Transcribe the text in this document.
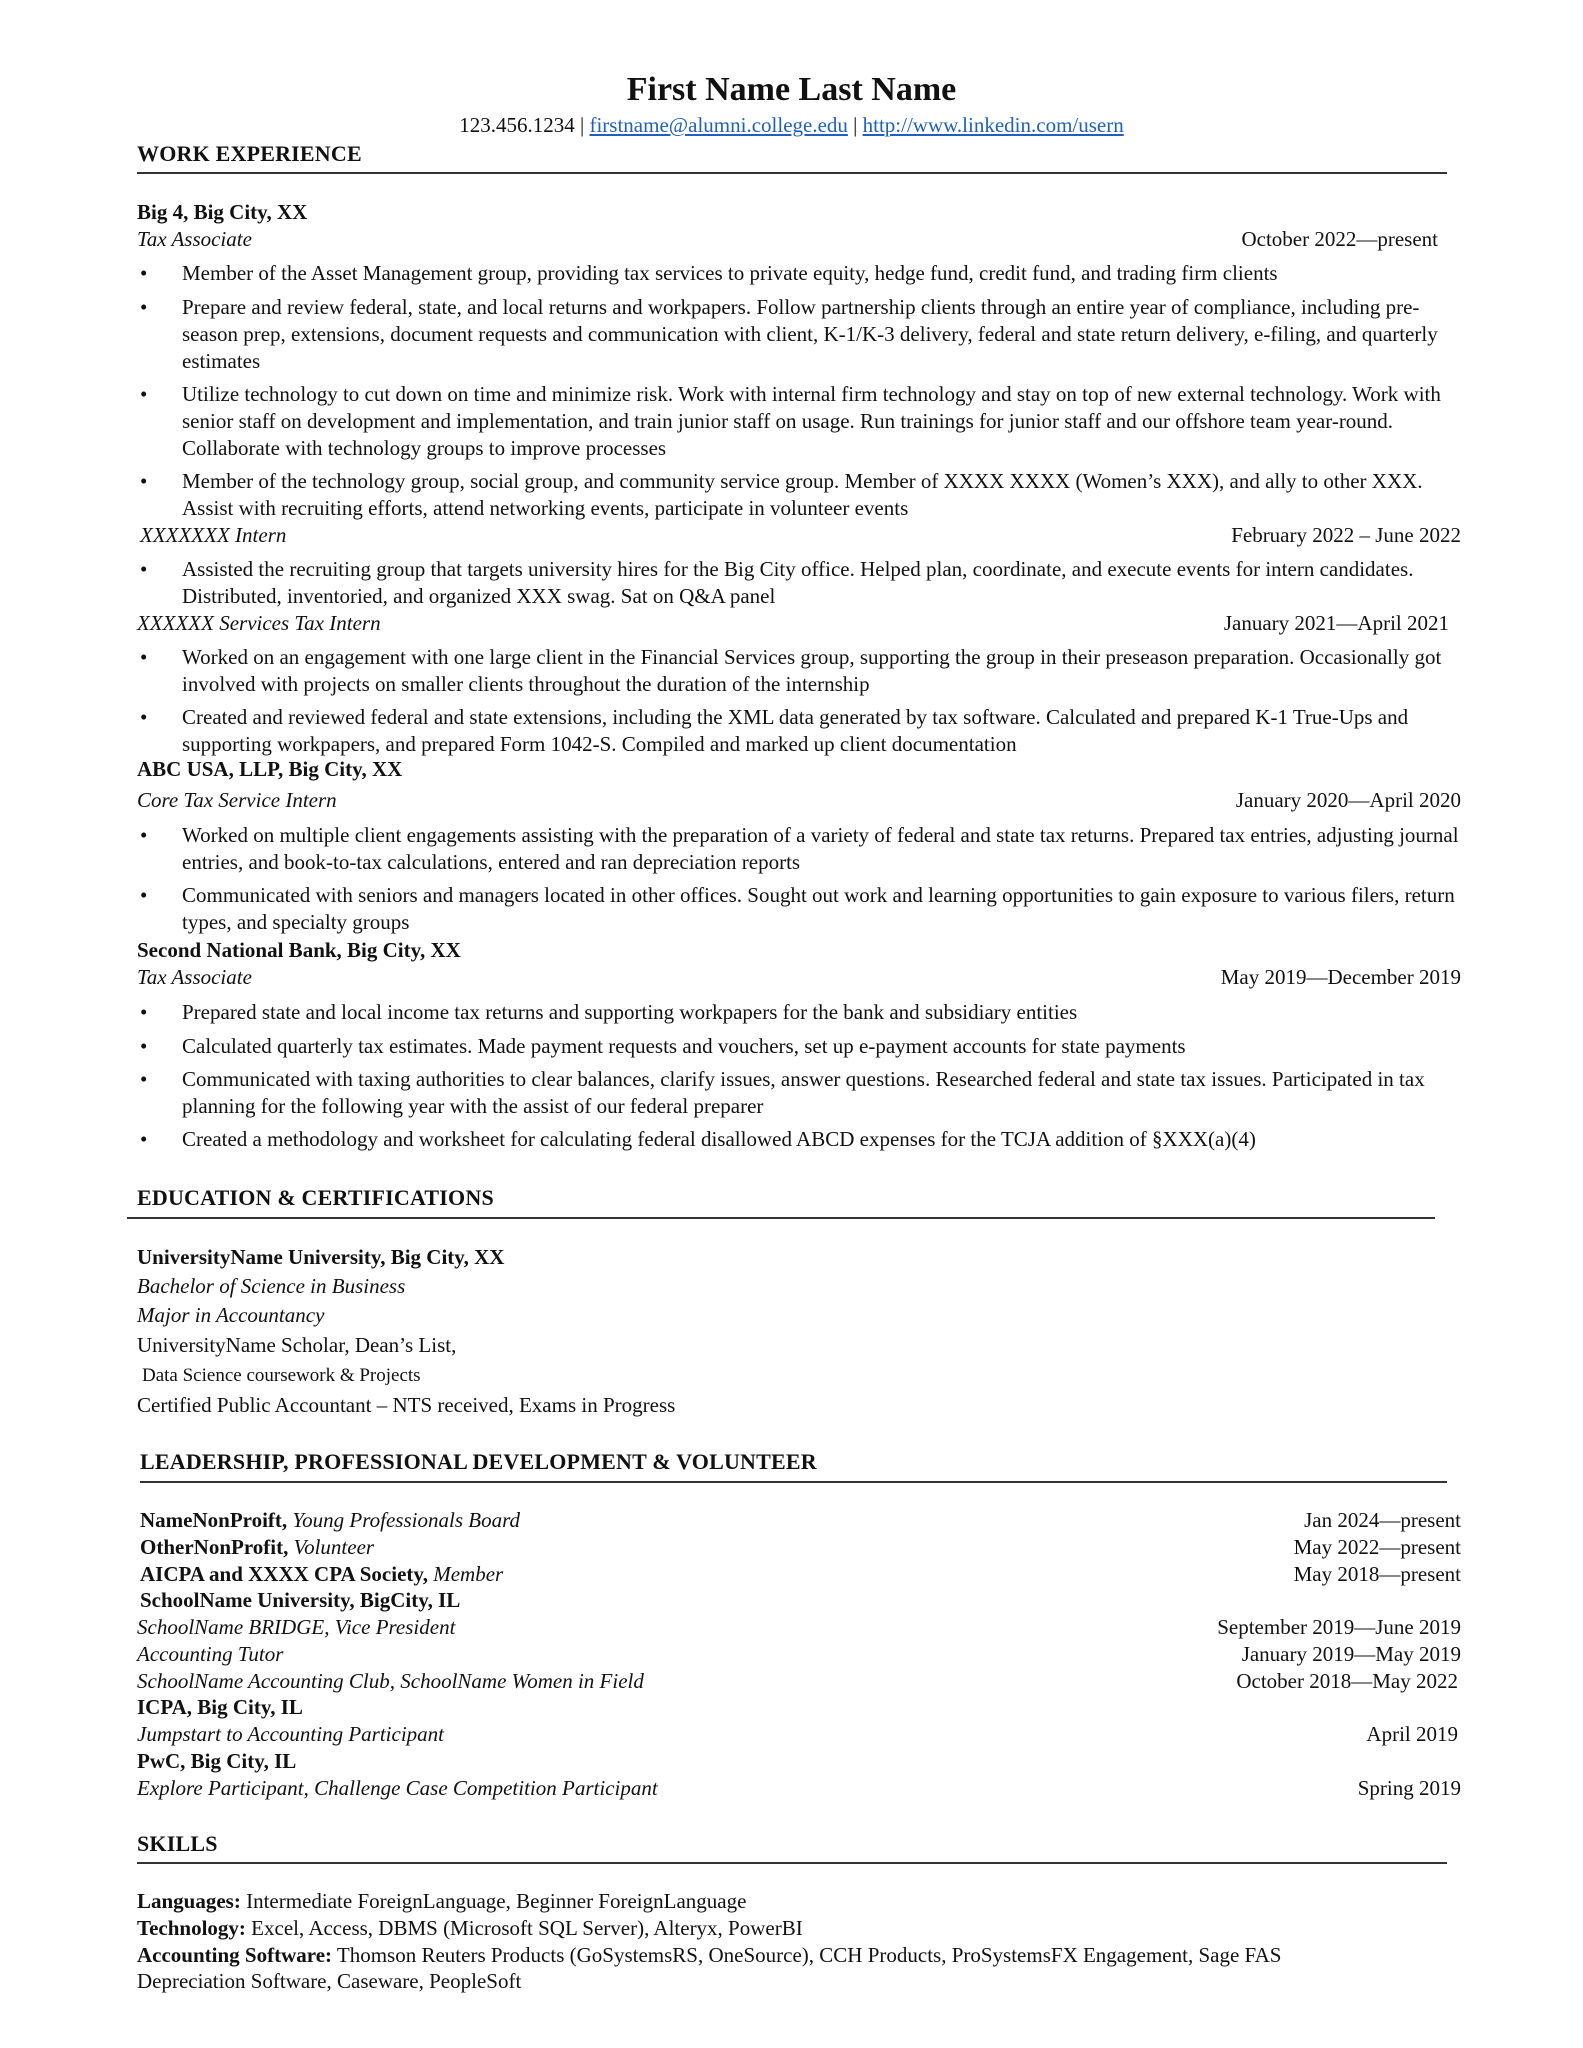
First Name Last Name
123.456.1234 | firstname@alumni.college.edu | http://www.linkedin.com/usern
WORK EXPERIENCE
Big 4, Big City, XX
Tax Associate	October 2022—present
• Member of the Asset Management group, providing tax services to private equity, hedge fund, credit fund, and trading firm clients
• Prepare and review federal, state, and local returns and workpapers. Follow partnership clients through an entire year of compliance, including pre-season prep, extensions, document requests and communication with client, K-1/K-3 delivery, federal and state return delivery, e-filing, and quarterly estimates
• Utilize technology to cut down on time and minimize risk. Work with internal firm technology and stay on top of new external technology. Work with senior staff on development and implementation, and train junior staff on usage. Run trainings for junior staff and our offshore team year-round. Collaborate with technology groups to improve processes
• Member of the technology group, social group, and community service group. Member of XXXX XXXX (Women’s XXX), and ally to other XXX. Assist with recruiting efforts, attend networking events, participate in volunteer events
XXXXXXX Intern	February 2022 – June 2022
• Assisted the recruiting group that targets university hires for the Big City office. Helped plan, coordinate, and execute events for intern candidates. Distributed, inventoried, and organized XXX swag. Sat on Q&A panel
XXXXXX Services Tax Intern	January 2021—April 2021
• Worked on an engagement with one large client in the Financial Services group, supporting the group in their preseason preparation. Occasionally got involved with projects on smaller clients throughout the duration of the internship
• Created and reviewed federal and state extensions, including the XML data generated by tax software. Calculated and prepared K-1 True-Ups and supporting workpapers, and prepared Form 1042-S. Compiled and marked up client documentation
ABC USA, LLP, Big City, XX
Core Tax Service Intern	January 2020—April 2020
• Worked on multiple client engagements assisting with the preparation of a variety of federal and state tax returns. Prepared tax entries, adjusting journal entries, and book-to-tax calculations, entered and ran depreciation reports
• Communicated with seniors and managers located in other offices. Sought out work and learning opportunities to gain exposure to various filers, return types, and specialty groups
Second National Bank, Big City, XX
Tax Associate	May 2019—December 2019
• Prepared state and local income tax returns and supporting workpapers for the bank and subsidiary entities
• Calculated quarterly tax estimates. Made payment requests and vouchers, set up e-payment accounts for state payments
• Communicated with taxing authorities to clear balances, clarify issues, answer questions. Researched federal and state tax issues. Participated in tax planning for the following year with the assist of our federal preparer
• Created a methodology and worksheet for calculating federal disallowed ABCD expenses for the TCJA addition of §XXX(a)(4)
EDUCATION & CERTIFICATIONS
UniversityName University, Big City, XX
Bachelor of Science in Business
Major in Accountancy
UniversityName Scholar, Dean’s List,
Data Science coursework & Projects
Certified Public Accountant – NTS received, Exams in Progress
LEADERSHIP, PROFESSIONAL DEVELOPMENT & VOLUNTEER
NameNonProift, Young Professionals Board	Jan 2024—present
OtherNonProfit, Volunteer	May 2022—present
AICPA and XXXX CPA Society, Member	May 2018—present
SchoolName University, BigCity, IL
SchoolName BRIDGE, Vice President	September 2019—June 2019
Accounting Tutor	January 2019—May 2019
SchoolName Accounting Club, SchoolName Women in Field	October 2018—May 2022
ICPA, Big City, IL
Jumpstart to Accounting Participant	April 2019
PwC, Big City, IL
Explore Participant, Challenge Case Competition Participant	Spring 2019
SKILLS
Languages: Intermediate ForeignLanguage, Beginner ForeignLanguage
Technology: Excel, Access, DBMS (Microsoft SQL Server), Alteryx, PowerBI
Accounting Software: Thomson Reuters Products (GoSystemsRS, OneSource), CCH Products, ProSystemsFX Engagement, Sage FAS
Depreciation Software, Caseware, PeopleSoft
